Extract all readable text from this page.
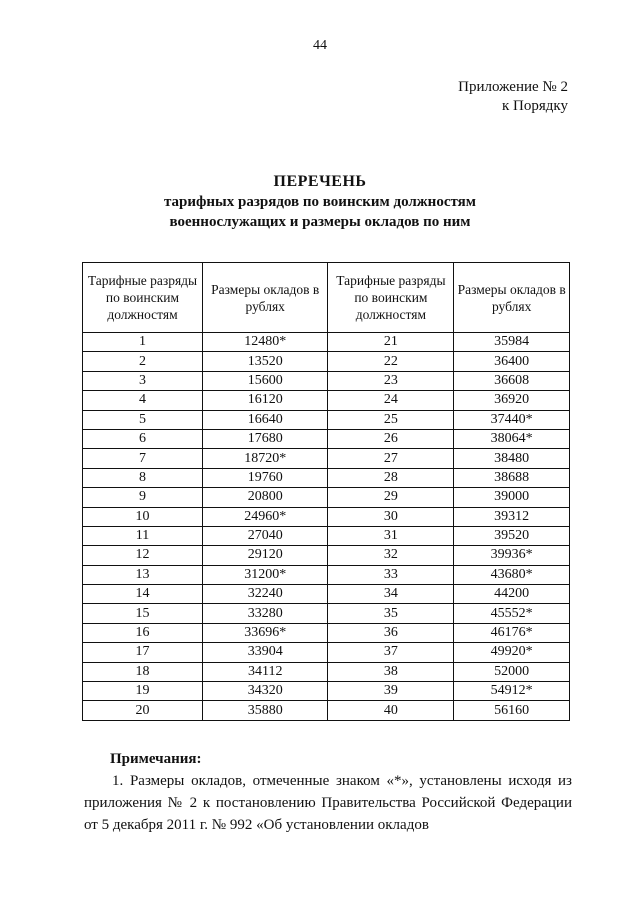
44
Приложение № 2
к Порядку
ПЕРЕЧЕНЬ
тарифных разрядов по воинским должностям
военнослужащих и размеры окладов по ним
Тарифные разряды по воинским должностям	Размеры окладов в рублях	Тарифные разряды по воинским должностям	Размеры окладов в рублях
1	12480*	21	35984
2	13520	22	36400
3	15600	23	36608
4	16120	24	36920
5	16640	25	37440*
6	17680	26	38064*
7	18720*	27	38480
8	19760	28	38688
9	20800	29	39000
10	24960*	30	39312
11	27040	31	39520
12	29120	32	39936*
13	31200*	33	43680*
14	32240	34	44200
15	33280	35	45552*
16	33696*	36	46176*
17	33904	37	49920*
18	34112	38	52000
19	34320	39	54912*
20	35880	40	56160
Примечания:
1. Размеры окладов, отмеченные знаком «*», установлены исходя из приложения № 2 к постановлению Правительства Российской Федерации от 5 декабря 2011 г. № 992 «Об установлении окладов
